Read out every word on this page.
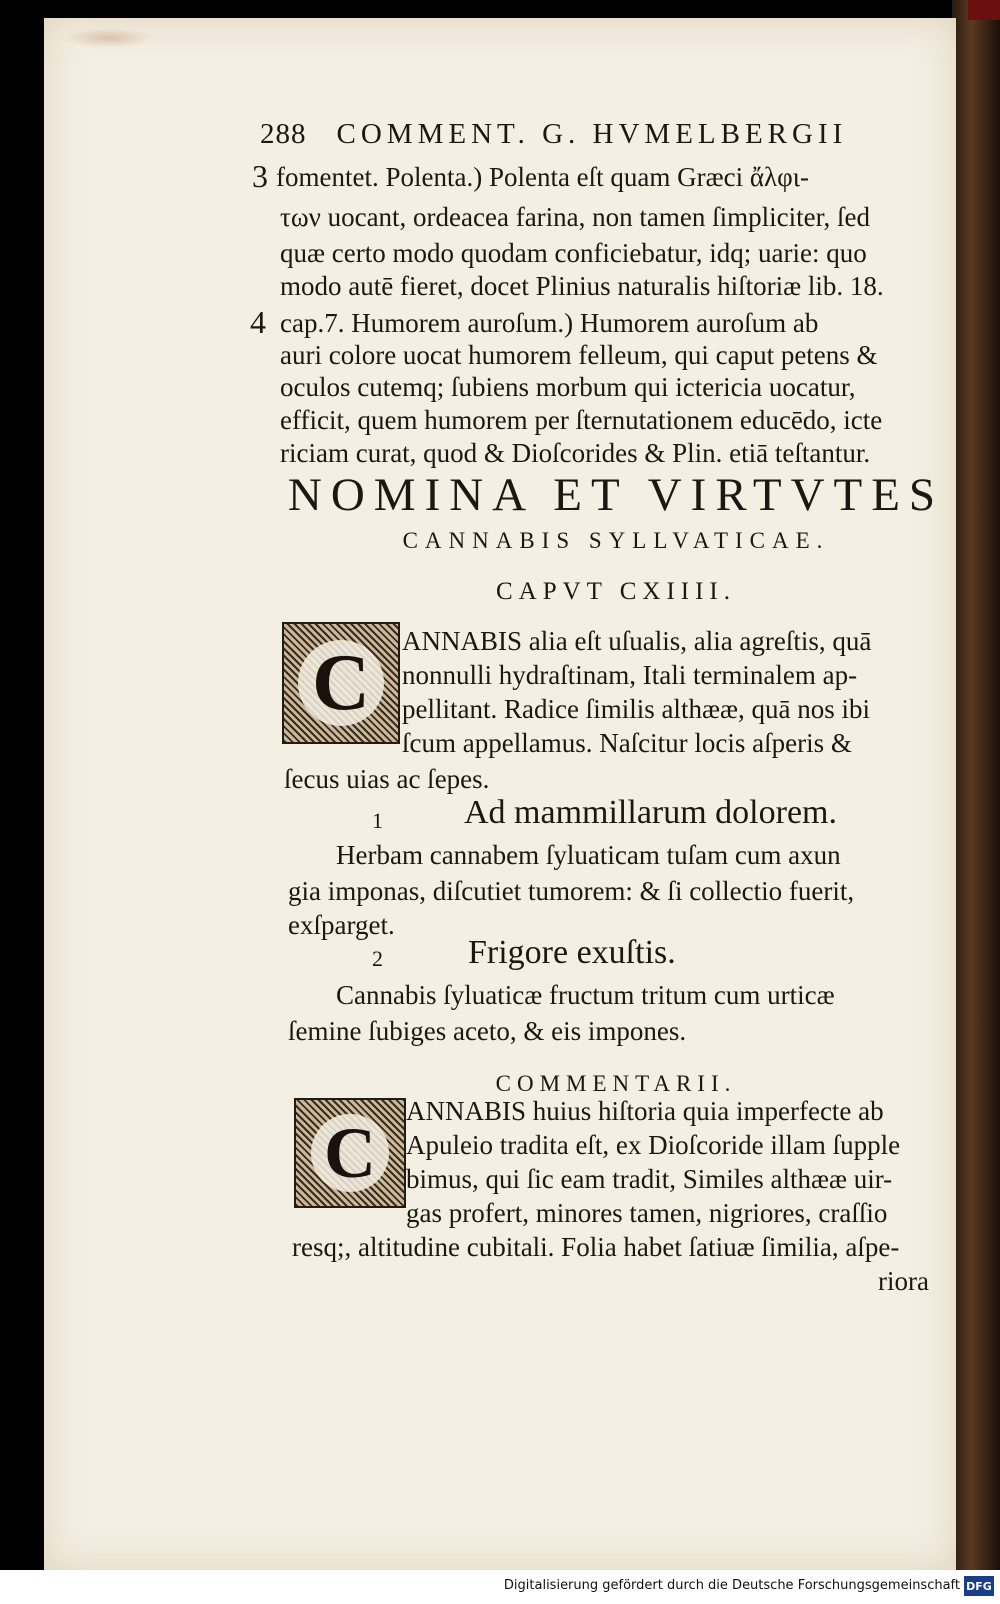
288 COMMENT. G. HVMELBERGII
3
4
fomentet. Polenta.) Polenta eſt quam Græci ἄλφι-
των uocant, ordeacea farina, non tamen ſimpliciter, ſed
quæ certo modo quodam conficiebatur, idq; uarie: quo
modo autē fieret, docet Plinius naturalis hiſtoriæ lib. 18.
cap.7. Humorem auroſum.) Humorem auroſum ab
auri colore uocat humorem felleum, qui caput petens &
oculos cutemq; ſubiens morbum qui ictericia uocatur,
efficit, quem humorem per ſternutationem educēdo, icte
riciam curat, quod & Dioſcorides & Plin. etiā teſtantur.
NOMINA ET VIRTVTES
CANNABIS SYLLVATICAE.
CAPVT CXIIII.
C	ANNABIS alia eſt uſualis, alia agreſtis, quā
nonnulli hydraſtinam, Itali terminalem ap-
pellitant. Radice ſimilis althææ, quā nos ibi
ſcum appellamus. Naſcitur locis aſperis &
ſecus uias ac ſepes.
1 Ad mammillarum dolorem.
Herbam cannabem ſyluaticam tuſam cum axun
gia imponas, diſcutiet tumorem: & ſi collectio fuerit,
exſparget.
2	Frigore exuſtis.
Cannabis ſyluaticæ fructum tritum cum urticæ
ſemine ſubiges aceto, & eis impones.
COMMENTARII.
C
ANNABIS huius hiſtoria quia imperfecte ab
Apuleio tradita eſt, ex Dioſcoride illam ſupple
bimus, qui ſic eam tradit, Similes althææ uir-
gas profert, minores tamen, nigriores, craſſio
resq;, altitudine cubitali. Folia habet ſatiuæ ſimilia, aſpe-
riora
Digitalisierung gefördert durch die Deutsche Forschungsgemeinschaft DFG
